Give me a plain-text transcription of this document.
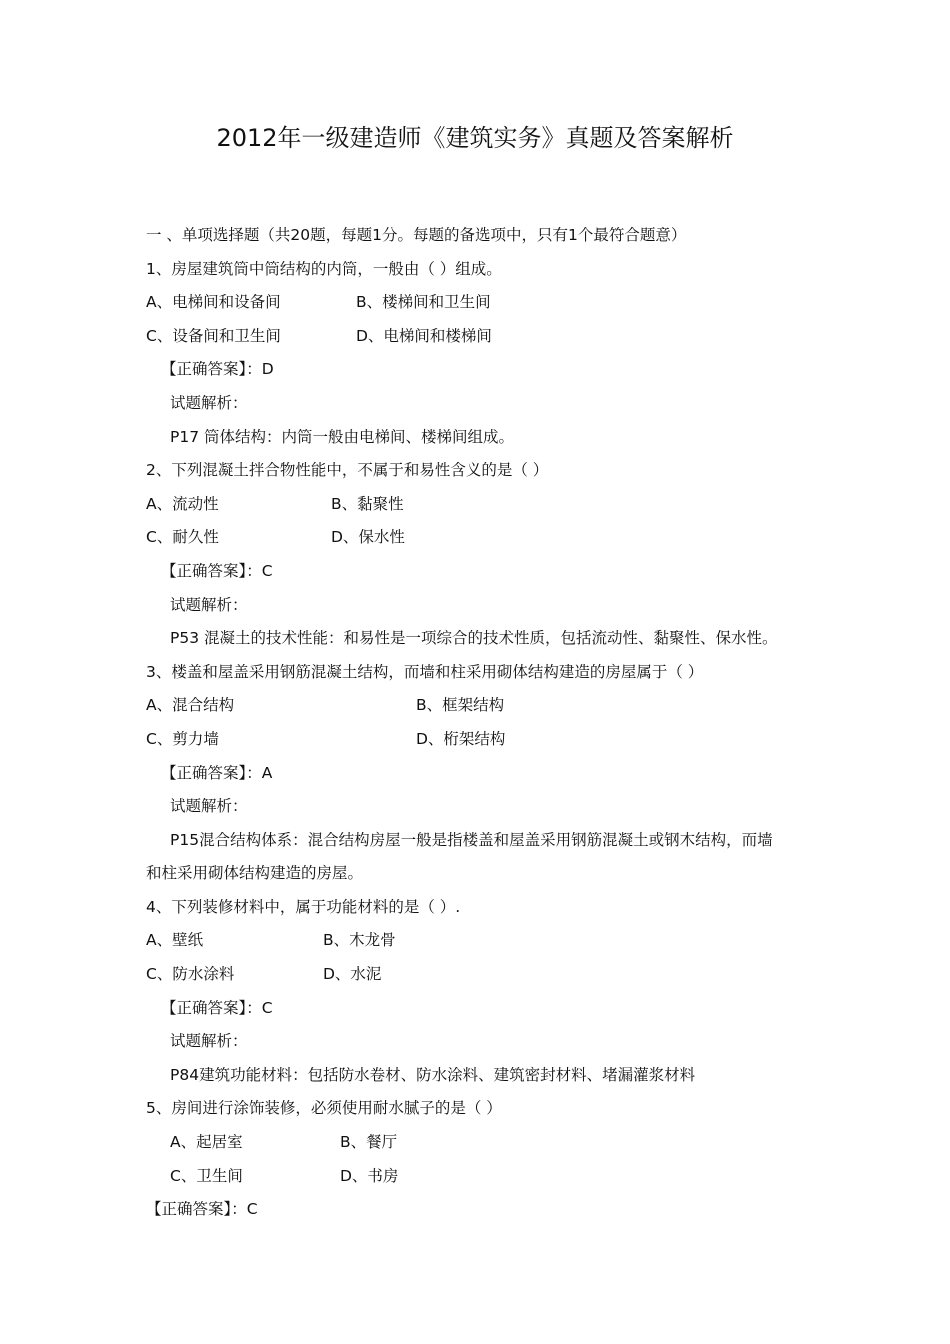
2012年一级建造师《建筑实务》真题及答案解析
一 、单项选择题（共20题，每题1分。每题的备选项中，只有1个最符合题意）
1、房屋建筑筒中筒结构的内筒，一般由（ ）组成。
A、电梯间和设备间	B、楼梯间和卫生间
C、设备间和卫生间	D、电梯间和楼梯间
【正确答案】：D
试题解析：
P17 筒体结构：内筒一般由电梯间、楼梯间组成。
2、下列混凝土拌合物性能中，不属于和易性含义的是（ ）
A、流动性	B、黏聚性
C、耐久性	D、保水性
【正确答案】：C
试题解析：
P53 混凝土的技术性能：和易性是一项综合的技术性质，包括流动性、黏聚性、保水性。
3、楼盖和屋盖采用钢筋混凝土结构，而墙和柱采用砌体结构建造的房屋属于（ ）
A、混合结构	B、框架结构
C、剪力墙	D、桁架结构
【正确答案】：A
试题解析：
P15混合结构体系：混合结构房屋一般是指楼盖和屋盖采用钢筋混凝土或钢木结构，而墙
和柱采用砌体结构建造的房屋。
4、下列装修材料中，属于功能材料的是（ ）.
A、壁纸	B、木龙骨
C、防水涂料	D、水泥
【正确答案】：C
试题解析：
P84建筑功能材料：包括防水卷材、防水涂料、建筑密封材料、堵漏灌浆材料
5、房间进行涂饰装修，必须使用耐水腻子的是（ ）
A、起居室	B、餐厅
C、卫生间	D、书房
【正确答案】：C
